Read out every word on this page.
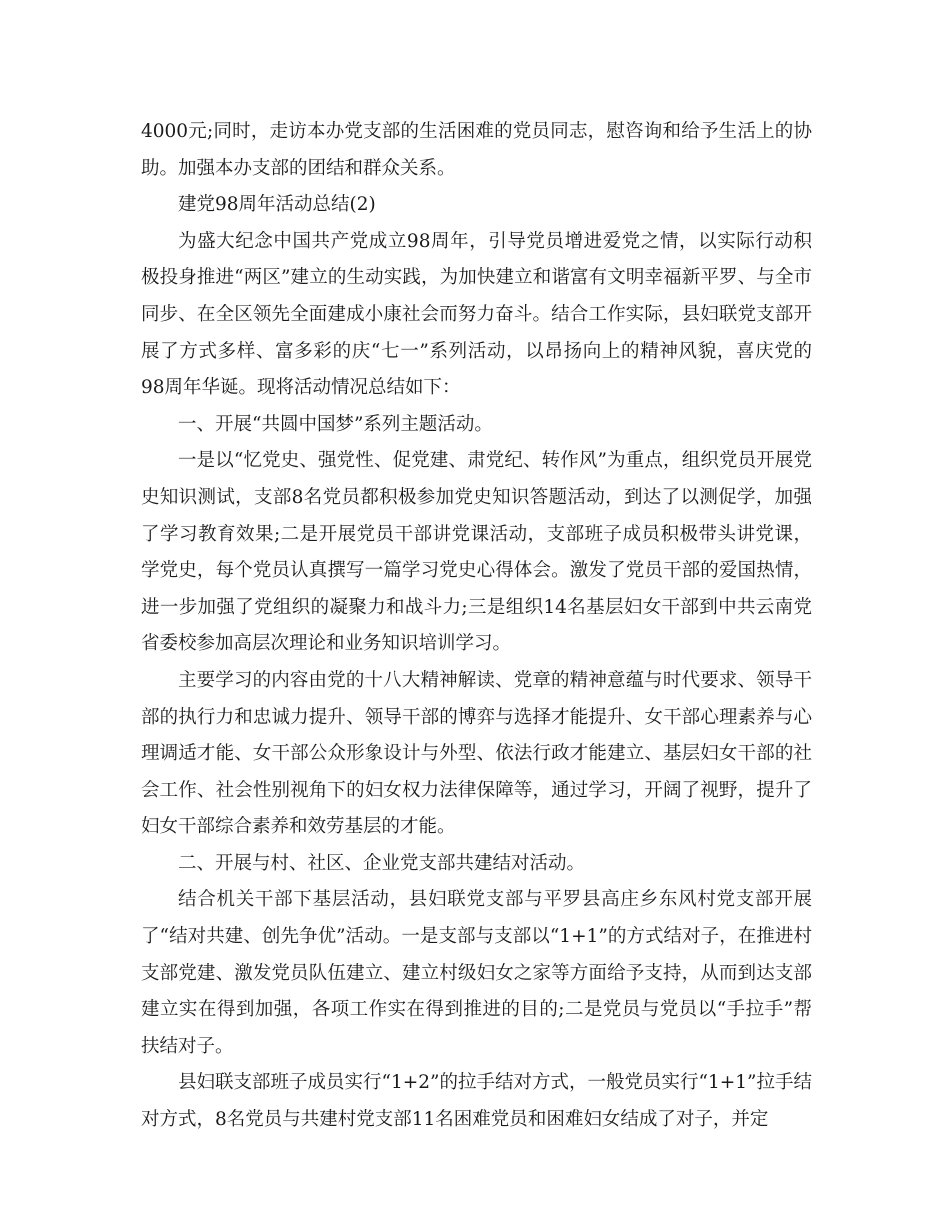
4000元;同时，走访本办党支部的生活困难的党员同志，慰咨询和给予生活上的协助。加强本办支部的团结和群众关系。

建党98周年活动总结(2)

为盛大纪念中国共产党成立98周年，引导党员增进爱党之情，以实际行动积极投身推进“两区”建立的生动实践，为加快建立和谐富有文明幸福新平罗、与全市同步、在全区领先全面建成小康社会而努力奋斗。结合工作实际，县妇联党支部开展了方式多样、富多彩的庆“七一”系列活动，以昂扬向上的精神风貌，喜庆党的98周年华诞。现将活动情况总结如下：

一、开展“共圆中国梦”系列主题活动。

一是以“忆党史、强党性、促党建、肃党纪、转作风”为重点，组织党员开展党史知识测试，支部8名党员都积极参加党史知识答题活动，到达了以测促学，加强了学习教育效果;二是开展党员干部讲党课活动，支部班子成员积极带头讲党课，学党史，每个党员认真撰写一篇学习党史心得体会。激发了党员干部的爱国热情，进一步加强了党组织的凝聚力和战斗力;三是组织14名基层妇女干部到中共云南党省委校参加高层次理论和业务知识培训学习。

主要学习的内容由党的十八大精神解读、党章的精神意蕴与时代要求、领导干部的执行力和忠诚力提升、领导干部的博弈与选择才能提升、女干部心理素养与心理调适才能、女干部公众形象设计与外型、依法行政才能建立、基层妇女干部的社会工作、社会性别视角下的妇女权力法律保障等，通过学习，开阔了视野，提升了妇女干部综合素养和效劳基层的才能。

二、开展与村、社区、企业党支部共建结对活动。

结合机关干部下基层活动，县妇联党支部与平罗县高庄乡东风村党支部开展了“结对共建、创先争优”活动。一是支部与支部以“1+1”的方式结对子，在推进村支部党建、激发党员队伍建立、建立村级妇女之家等方面给予支持，从而到达支部建立实在得到加强，各项工作实在得到推进的目的;二是党员与党员以“手拉手”帮扶结对子。

县妇联支部班子成员实行“1+2”的拉手结对方式，一般党员实行“1+1”拉手结对方式，8名党员与共建村党支部11名困难党员和困难妇女结成了对子，并定
